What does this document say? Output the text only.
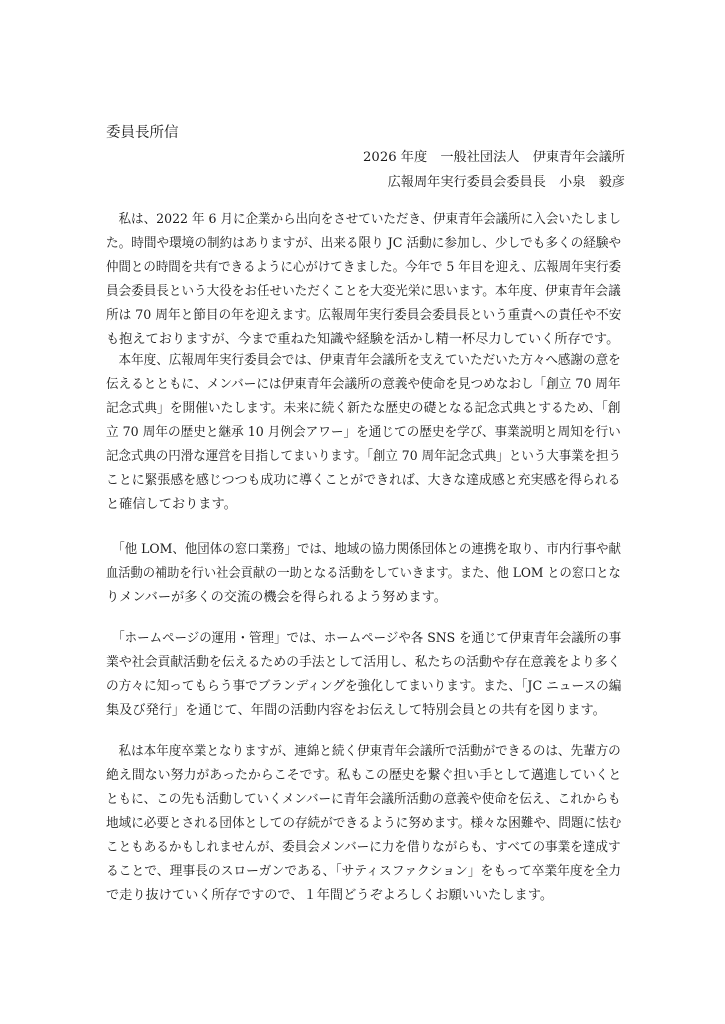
委員長所信
2026 年度　一般社団法人　伊東青年会議所
広報周年実行委員会委員長　小泉　毅彦

　私は、2022 年 6 月に企業から出向をさせていただき、伊東青年会議所に入会いたしまし
た。時間や環境の制約はありますが、出来る限り JC 活動に参加し、少しでも多くの経験や
仲間との時間を共有できるように心がけてきました。今年で 5 年目を迎え、広報周年実行委
員会委員長という大役をお任せいただくことを大変光栄に思います。本年度、伊東青年会議
所は 70 周年と節目の年を迎えます。広報周年実行委員会委員長という重責への責任や不安
も抱えておりますが、今まで重ねた知識や経験を活かし精一杯尽力していく所存です。

　本年度、広報周年実行委員会では、伊東青年会議所を支えていただいた方々へ感謝の意を
伝えるとともに、メンバーには伊東青年会議所の意義や使命を見つめなおし「創立 70 周年
記念式典」を開催いたします。未来に続く新たな歴史の礎となる記念式典とするため、「創
立 70 周年の歴史と継承 10 月例会アワー」を通じての歴史を学び、事業説明と周知を行い
記念式典の円滑な運営を目指してまいります。「創立 70 周年記念式典」という大事業を担う
ことに緊張感を感じつつも成功に導くことができれば、大きな達成感と充実感を得られる
と確信しております。

　「他 LOM、他団体の窓口業務」では、地域の協力関係団体との連携を取り、市内行事や献
血活動の補助を行い社会貢献の一助となる活動をしていきます。また、他 LOM との窓口とな
りメンバーが多くの交流の機会を得られるよう努めます。

　「ホームページの運用・管理」では、ホームページや各 SNS を通じて伊東青年会議所の事
業や社会貢献活動を伝えるための手法として活用し、私たちの活動や存在意義をより多く
の方々に知ってもらう事でブランディングを強化してまいります。また、「JC ニュースの編
集及び発行」を通じて、年間の活動内容をお伝えして特別会員との共有を図ります。

　私は本年度卒業となりますが、連綿と続く伊東青年会議所で活動ができるのは、先輩方の
絶え間ない努力があったからこそです。私もこの歴史を繋ぐ担い手として邁進していくと
ともに、この先も活動していくメンバーに青年会議所活動の意義や使命を伝え、これからも
地域に必要とされる団体としての存続ができるように努めます。様々な困難や、問題に怯む
こともあるかもしれませんが、委員会メンバーに力を借りながらも、すべての事業を達成す
ることで、理事長のスローガンである、「サティスファクション」をもって卒業年度を全力
で走り抜けていく所存ですので、１年間どうぞよろしくお願いいたします。
